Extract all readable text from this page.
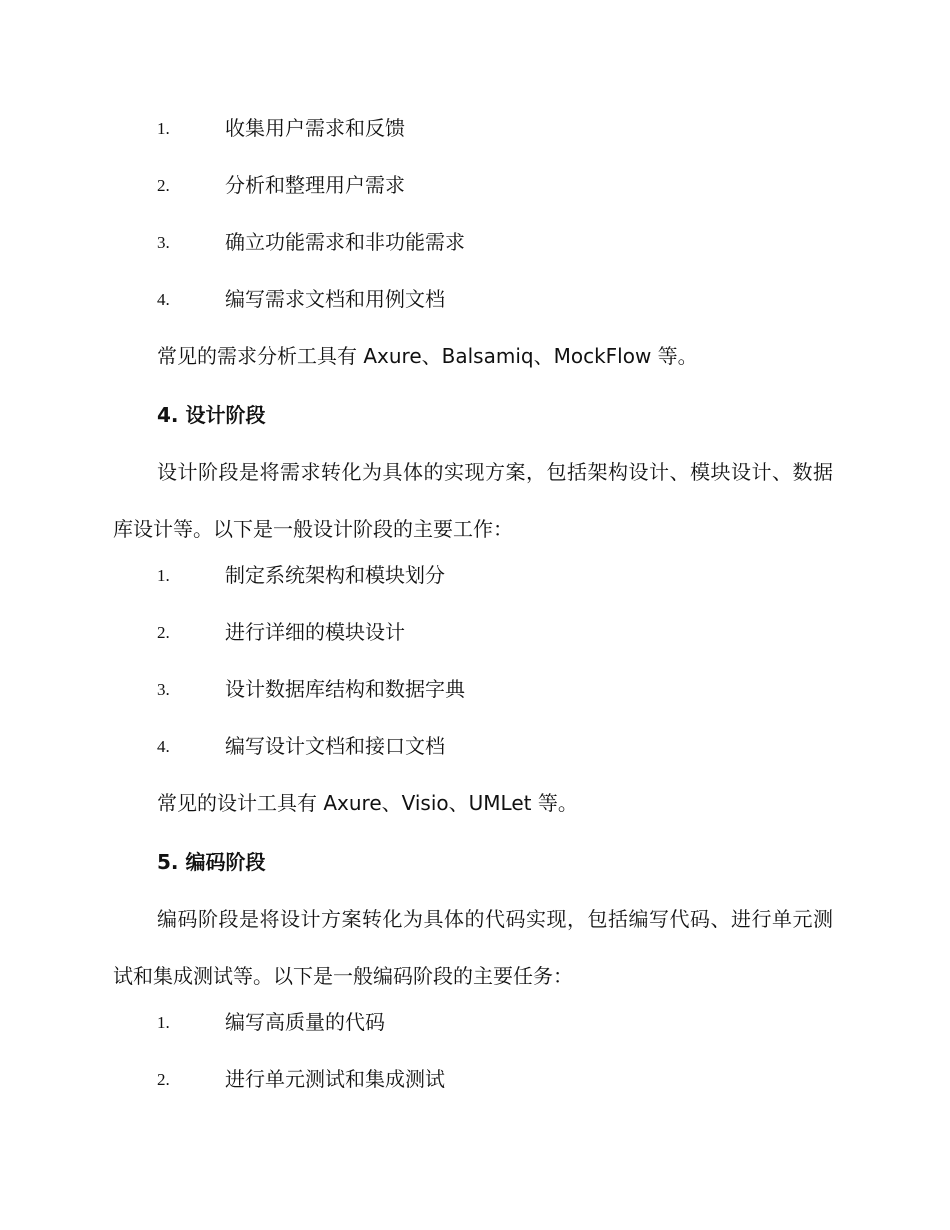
1.	收集用户需求和反馈
2.	分析和整理用户需求
3.	确立功能需求和非功能需求
4.	编写需求文档和用例文档
常见的需求分析工具有 Axure、Balsamiq、MockFlow 等。
4. 设计阶段
设计阶段是将需求转化为具体的实现方案，包括架构设计、模块设计、数据库设计等。以下是一般设计阶段的主要工作：
1.	制定系统架构和模块划分
2.	进行详细的模块设计
3.	设计数据库结构和数据字典
4.	编写设计文档和接口文档
常见的设计工具有 Axure、Visio、UMLet 等。
5. 编码阶段
编码阶段是将设计方案转化为具体的代码实现，包括编写代码、进行单元测试和集成测试等。以下是一般编码阶段的主要任务：
1.	编写高质量的代码
2.	进行单元测试和集成测试
